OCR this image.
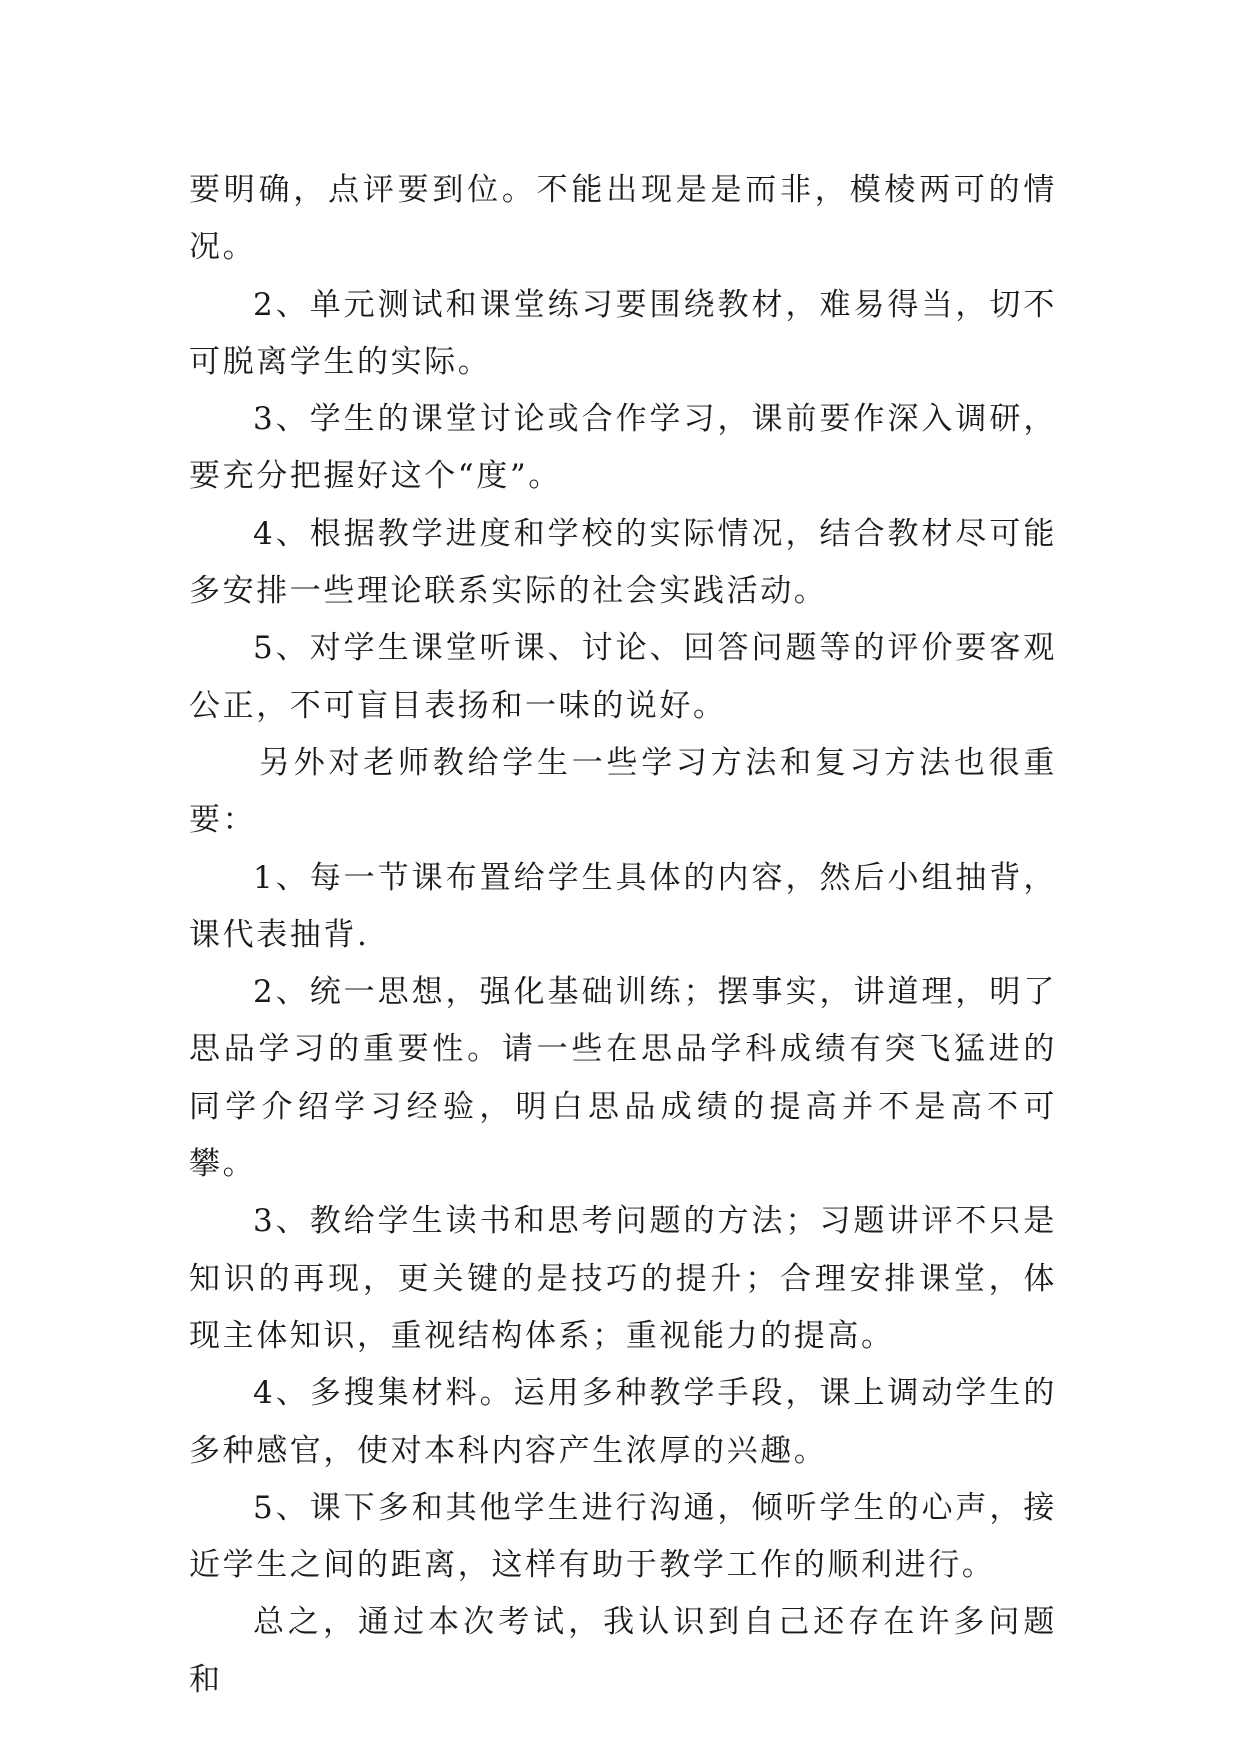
要明确，点评要到位。不能出现是是而非，模棱两可的情况。

2、单元测试和课堂练习要围绕教材，难易得当，切不可脱离学生的实际。

3、学生的课堂讨论或合作学习，课前要作深入调研，要充分把握好这个“度”。

4、根据教学进度和学校的实际情况，结合教材尽可能多安排一些理论联系实际的社会实践活动。

5、对学生课堂听课、讨论、回答问题等的评价要客观公正，不可盲目表扬和一味的说好。

另外对老师教给学生一些学习方法和复习方法也很重要：

1、每一节课布置给学生具体的内容，然后小组抽背，课代表抽背.

2、统一思想，强化基础训练；摆事实，讲道理，明了思品学习的重要性。请一些在思品学科成绩有突飞猛进的同学介绍学习经验，明白思品成绩的提高并不是高不可攀。

3、教给学生读书和思考问题的方法；习题讲评不只是知识的再现，更关键的是技巧的提升；合理安排课堂，体现主体知识，重视结构体系；重视能力的提高。

4、多搜集材料。运用多种教学手段，课上调动学生的多种感官，使对本科内容产生浓厚的兴趣。

5、课下多和其他学生进行沟通，倾听学生的心声，接近学生之间的距离，这样有助于教学工作的顺利进行。

总之，通过本次考试，我认识到自己还存在许多问题和
